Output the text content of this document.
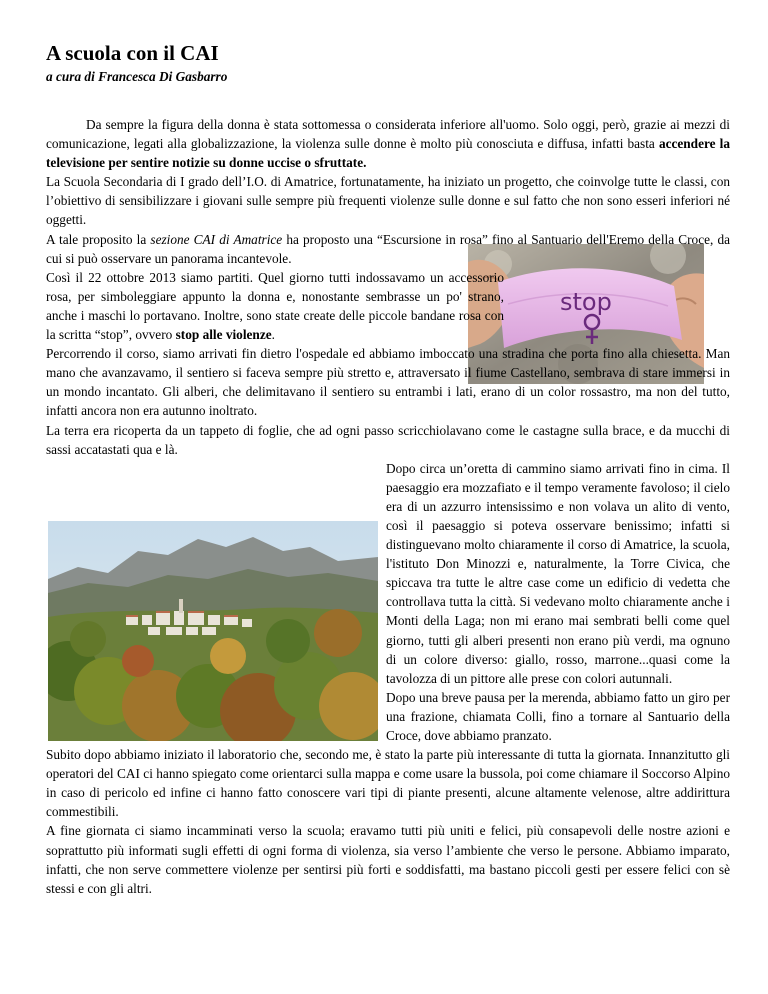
stop
A scuola con il CAI
a cura di Francesca Di Gasbarro

Da sempre la figura della donna è stata sottomessa o considerata inferiore all'uomo. Solo oggi, però, grazie ai mezzi di comunicazione, legati alla globalizzazione, la violenza sulle donne è molto più conosciuta e diffusa, infatti basta accendere la televisione per sentire notizie su donne uccise o sfruttate.

La Scuola Secondaria di I grado dell’I.O. di Amatrice, fortunatamente, ha iniziato un progetto, che coinvolge tutte le classi, con l’obiettivo di sensibilizzare i giovani sulle sempre più frequenti violenze sulle donne e sul fatto che non sono esseri inferiori né oggetti.

A tale proposito la sezione CAI di Amatrice ha proposto una “Escursione in rosa” fino al Santuario dell'Eremo della Croce, da cui si può osservare un panorama incantevole.

Così il 22 ottobre 2013 siamo partiti. Quel giorno tutti indossavamo un accessorio rosa, per simboleggiare appunto la donna e, nonostante sembrasse un po' strano, anche i maschi lo portavano. Inoltre, sono state create delle piccole bandane rosa con la scritta “stop”, ovvero stop alle violenze.

Percorrendo il corso, siamo arrivati fin dietro l'ospedale ed abbiamo imboccato una stradina che porta fino alla chiesetta. Man mano che avanzavamo, il sentiero si faceva sempre più stretto e, attraversato il fiume Castellano, sembrava di stare immersi in un mondo incantato. Gli alberi, che delimitavano il sentiero su entrambi i lati, erano di un color rossastro, ma non del tutto, infatti ancora non era autunno inoltrato.

La terra era ricoperta da un tappeto di foglie, che ad ogni passo scricchiolavano come le castagne sulla brace, e da mucchi di sassi accatastati qua e là.

Dopo circa un’oretta di cammino siamo arrivati fino in cima. Il paesaggio era mozzafiato e il tempo veramente favoloso; il cielo era di un azzurro intensissimo e non volava un alito di vento, così il paesaggio si poteva osservare benissimo; infatti si distinguevano molto chiaramente il corso di Amatrice, la scuola, l'istituto Don Minozzi e, naturalmente, la Torre Civica, che spiccava tra tutte le altre case come un edificio di vedetta che controllava tutta la città. Si vedevano molto chiaramente anche i Monti della Laga; non mi erano mai sembrati belli come quel giorno, tutti gli alberi presenti non erano più verdi, ma ognuno di un colore diverso: giallo, rosso, marrone...quasi come la tavolozza di un pittore alle prese con colori autunnali.

Dopo una breve pausa per la merenda, abbiamo fatto un giro per una frazione, chiamata Colli, fino a tornare al Santuario della Croce, dove abbiamo pranzato.

Subito dopo abbiamo iniziato il laboratorio che, secondo me, è stato la parte più interessante di tutta la giornata. Innanzitutto gli operatori del CAI ci hanno spiegato come orientarci sulla mappa e come usare la bussola, poi come chiamare il Soccorso Alpino in caso di pericolo ed infine ci hanno fatto conoscere vari tipi di piante presenti, alcune altamente velenose, altre addirittura commestibili.

A fine giornata ci siamo incamminati verso la scuola; eravamo tutti più uniti e felici, più consapevoli delle nostre azioni e soprattutto più informati sugli effetti di ogni forma di violenza, sia verso l’ambiente che verso le persone. Abbiamo imparato, infatti, che non serve commettere violenze per sentirsi più forti e soddisfatti, ma bastano piccoli gesti per essere felici con sè stessi e con gli altri.
